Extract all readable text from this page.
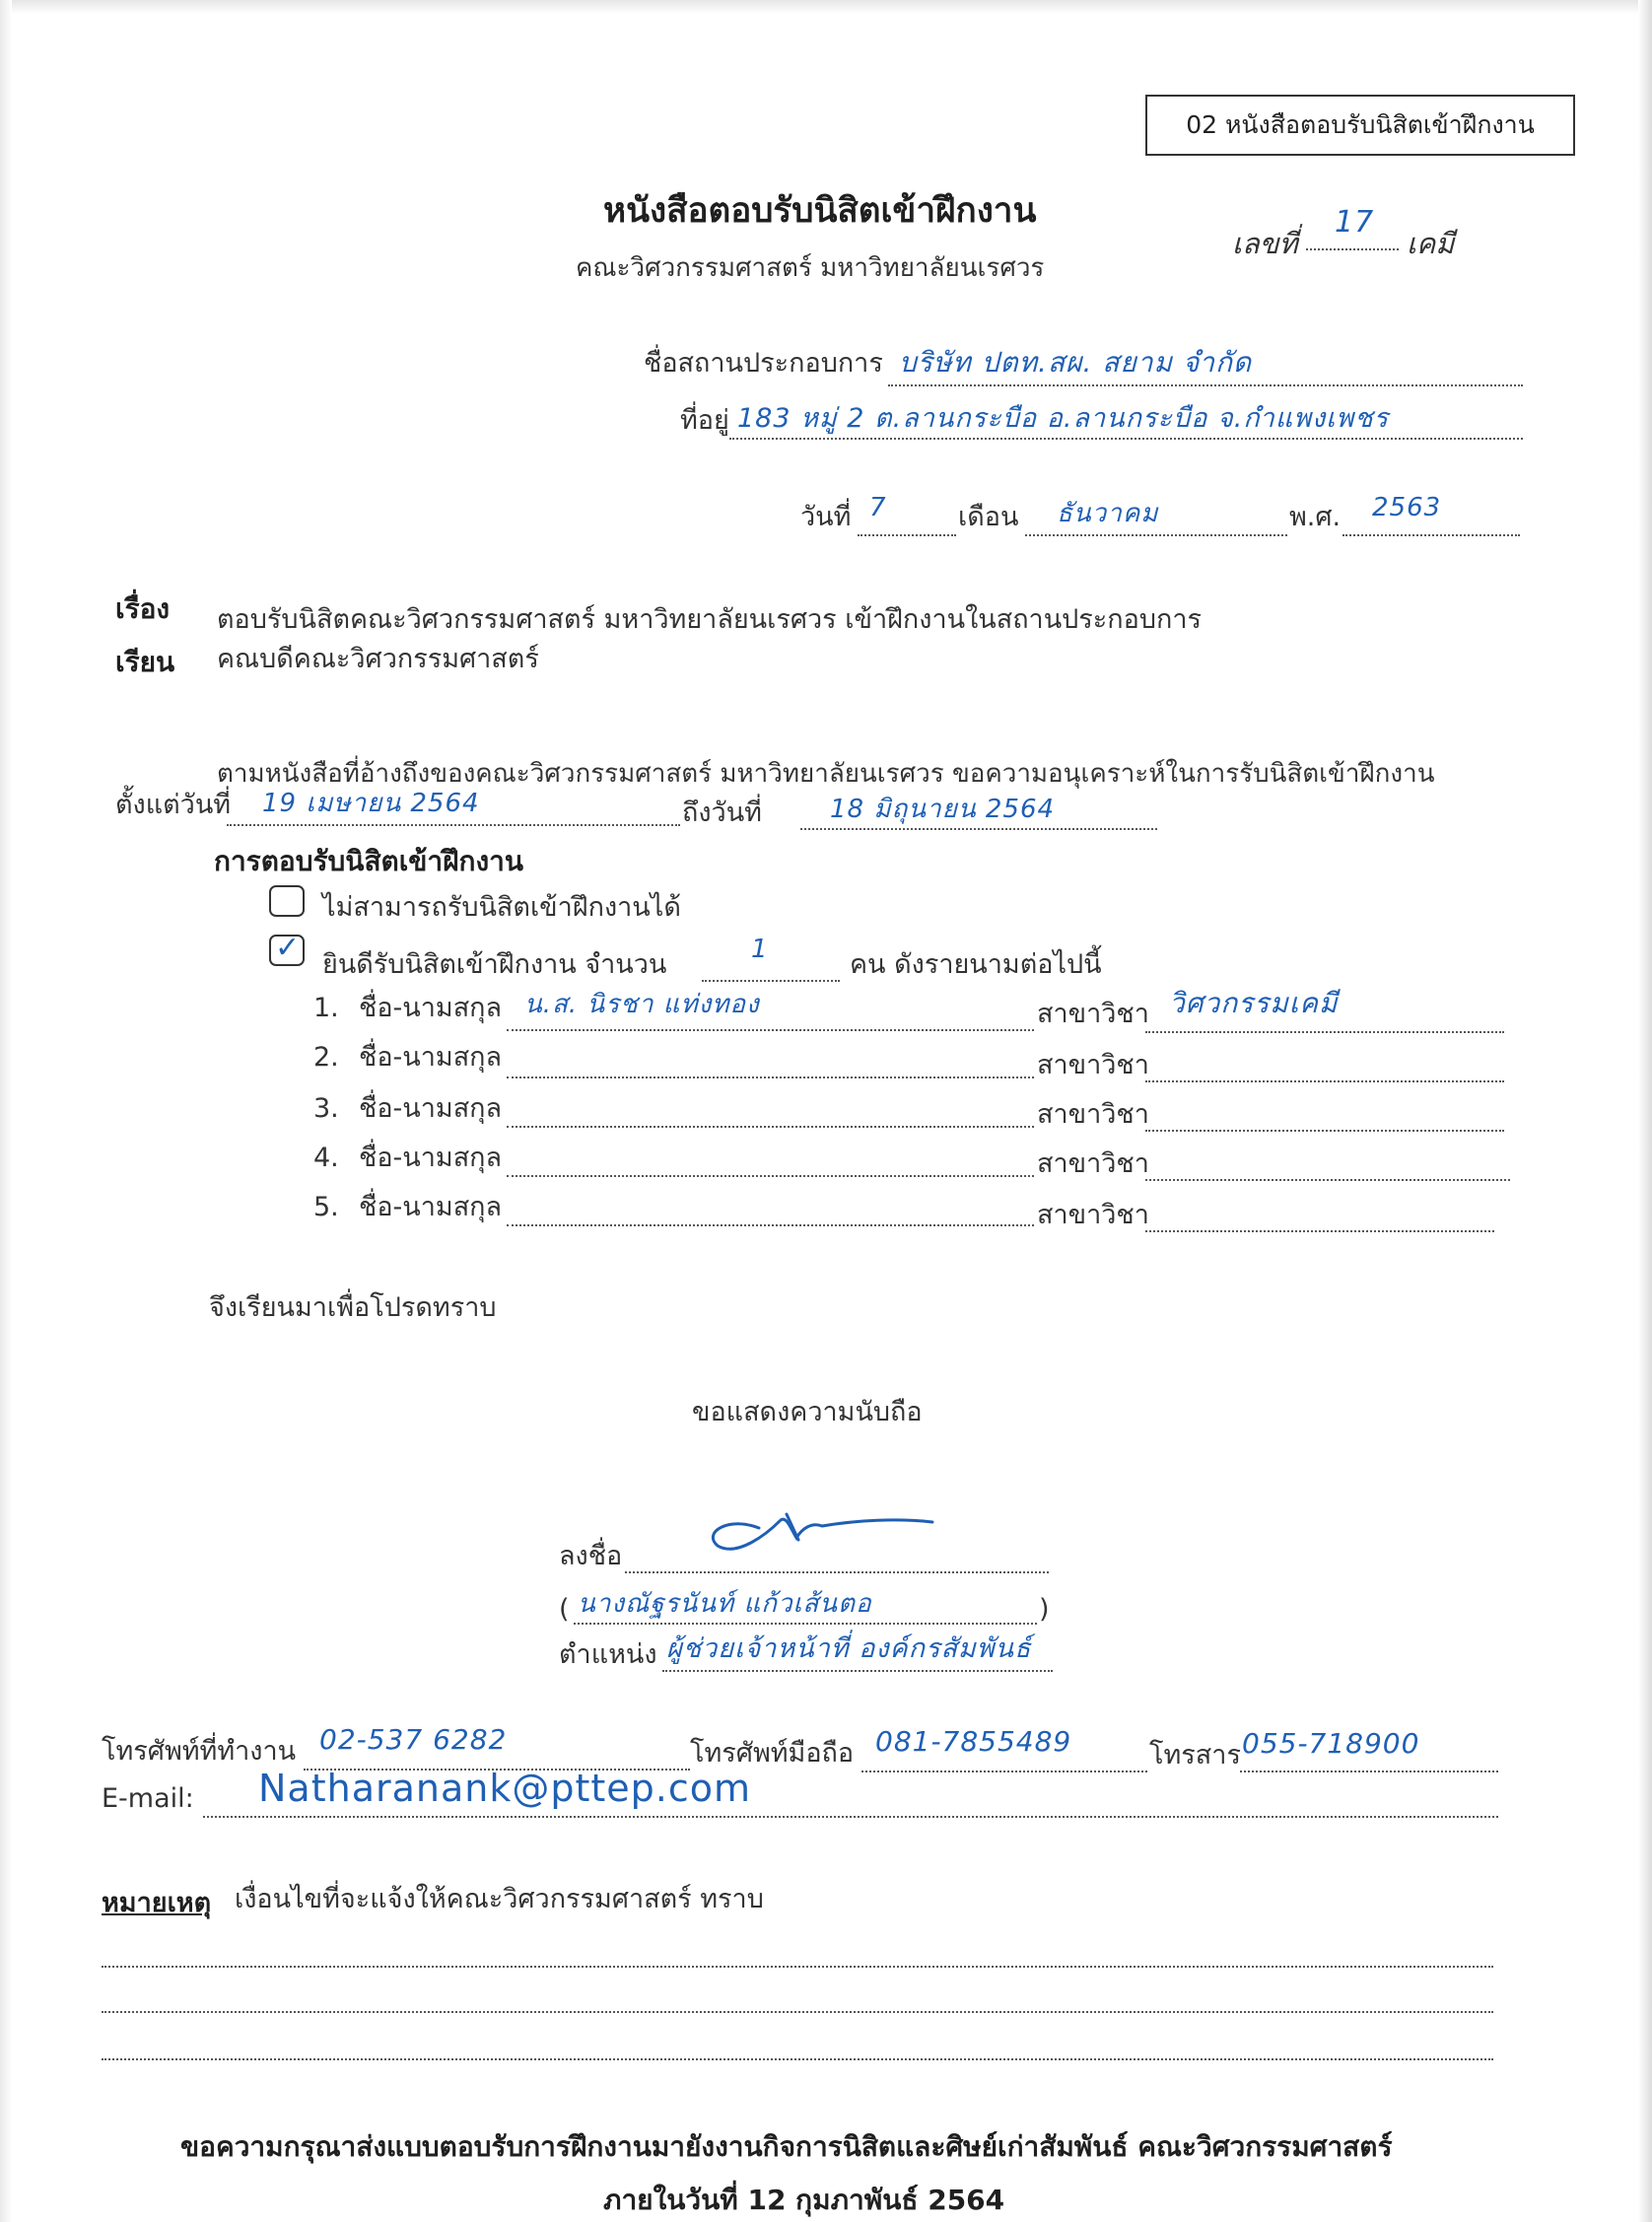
02 หนังสือตอบรับนิสิตเข้าฝึกงาน
หนังสือตอบรับนิสิตเข้าฝึกงาน
คณะวิศวกรรมศาสตร์ มหาวิทยาลัยนเรศวร
เลขที่
17
เคมี
ชื่อสถานประกอบการ บริษัท ปตท.สผ. สยาม จำกัด
ที่อยู่ 183 หมู่ 2 ต.ลานกระบือ อ.ลานกระบือ จ.กำแพงเพชร
วันที่ 7	เดือน ธันวาคม	พ.ศ. 2563
เรื่อง ตอบรับนิสิตคณะวิศวกรรมศาสตร์ มหาวิทยาลัยนเรศวร เข้าฝึกงานในสถานประกอบการ
เรียน คณบดีคณะวิศวกรรมศาสตร์
ตามหนังสือที่อ้างถึงของคณะวิศวกรรมศาสตร์ มหาวิทยาลัยนเรศวร ขอความอนุเคราะห์ในการรับนิสิตเข้าฝึกงาน
ตั้งแต่วันที่ 19 เมษายน 2564	ถึงวันที่	18 มิถุนายน 2564
การตอบรับนิสิตเข้าฝึกงาน
ไม่สามารถรับนิสิตเข้าฝึกงานได้
✓ ยินดีรับนิสิตเข้าฝึกงาน จำนวน	1	คน ดังรายนามต่อไปนี้
1. ชื่อ-นามสกุล น.ส. นิรชา แท่งทอง	สาขาวิชา วิศวกรรมเคมี
2. ชื่อ-นามสกุล	สาขาวิชา
3. ชื่อ-นามสกุล	สาขาวิชา
4. ชื่อ-นามสกุล	สาขาวิชา
5. ชื่อ-นามสกุล	สาขาวิชา
จึงเรียนมาเพื่อโปรดทราบ
ขอแสดงความนับถือ
ลงชื่อ
( นางณัฐรนันท์ แก้วเส้นตอ	)
ตำแหน่ง ผู้ช่วยเจ้าหน้าที่ องค์กรสัมพันธ์
โทรศัพท์ที่ทำงาน 02-537 6282	โทรศัพท์มือถือ 081-7855489	โทรสาร 055-718900
E-mail: Natharanank@pttep.com
หมายเหตุ เงื่อนไขที่จะแจ้งให้คณะวิศวกรรมศาสตร์ ทราบ
ขอความกรุณาส่งแบบตอบรับการฝึกงานมายังงานกิจการนิสิตและศิษย์เก่าสัมพันธ์ คณะวิศวกรรมศาสตร์
ภายในวันที่ 12 กุมภาพันธ์ 2564
